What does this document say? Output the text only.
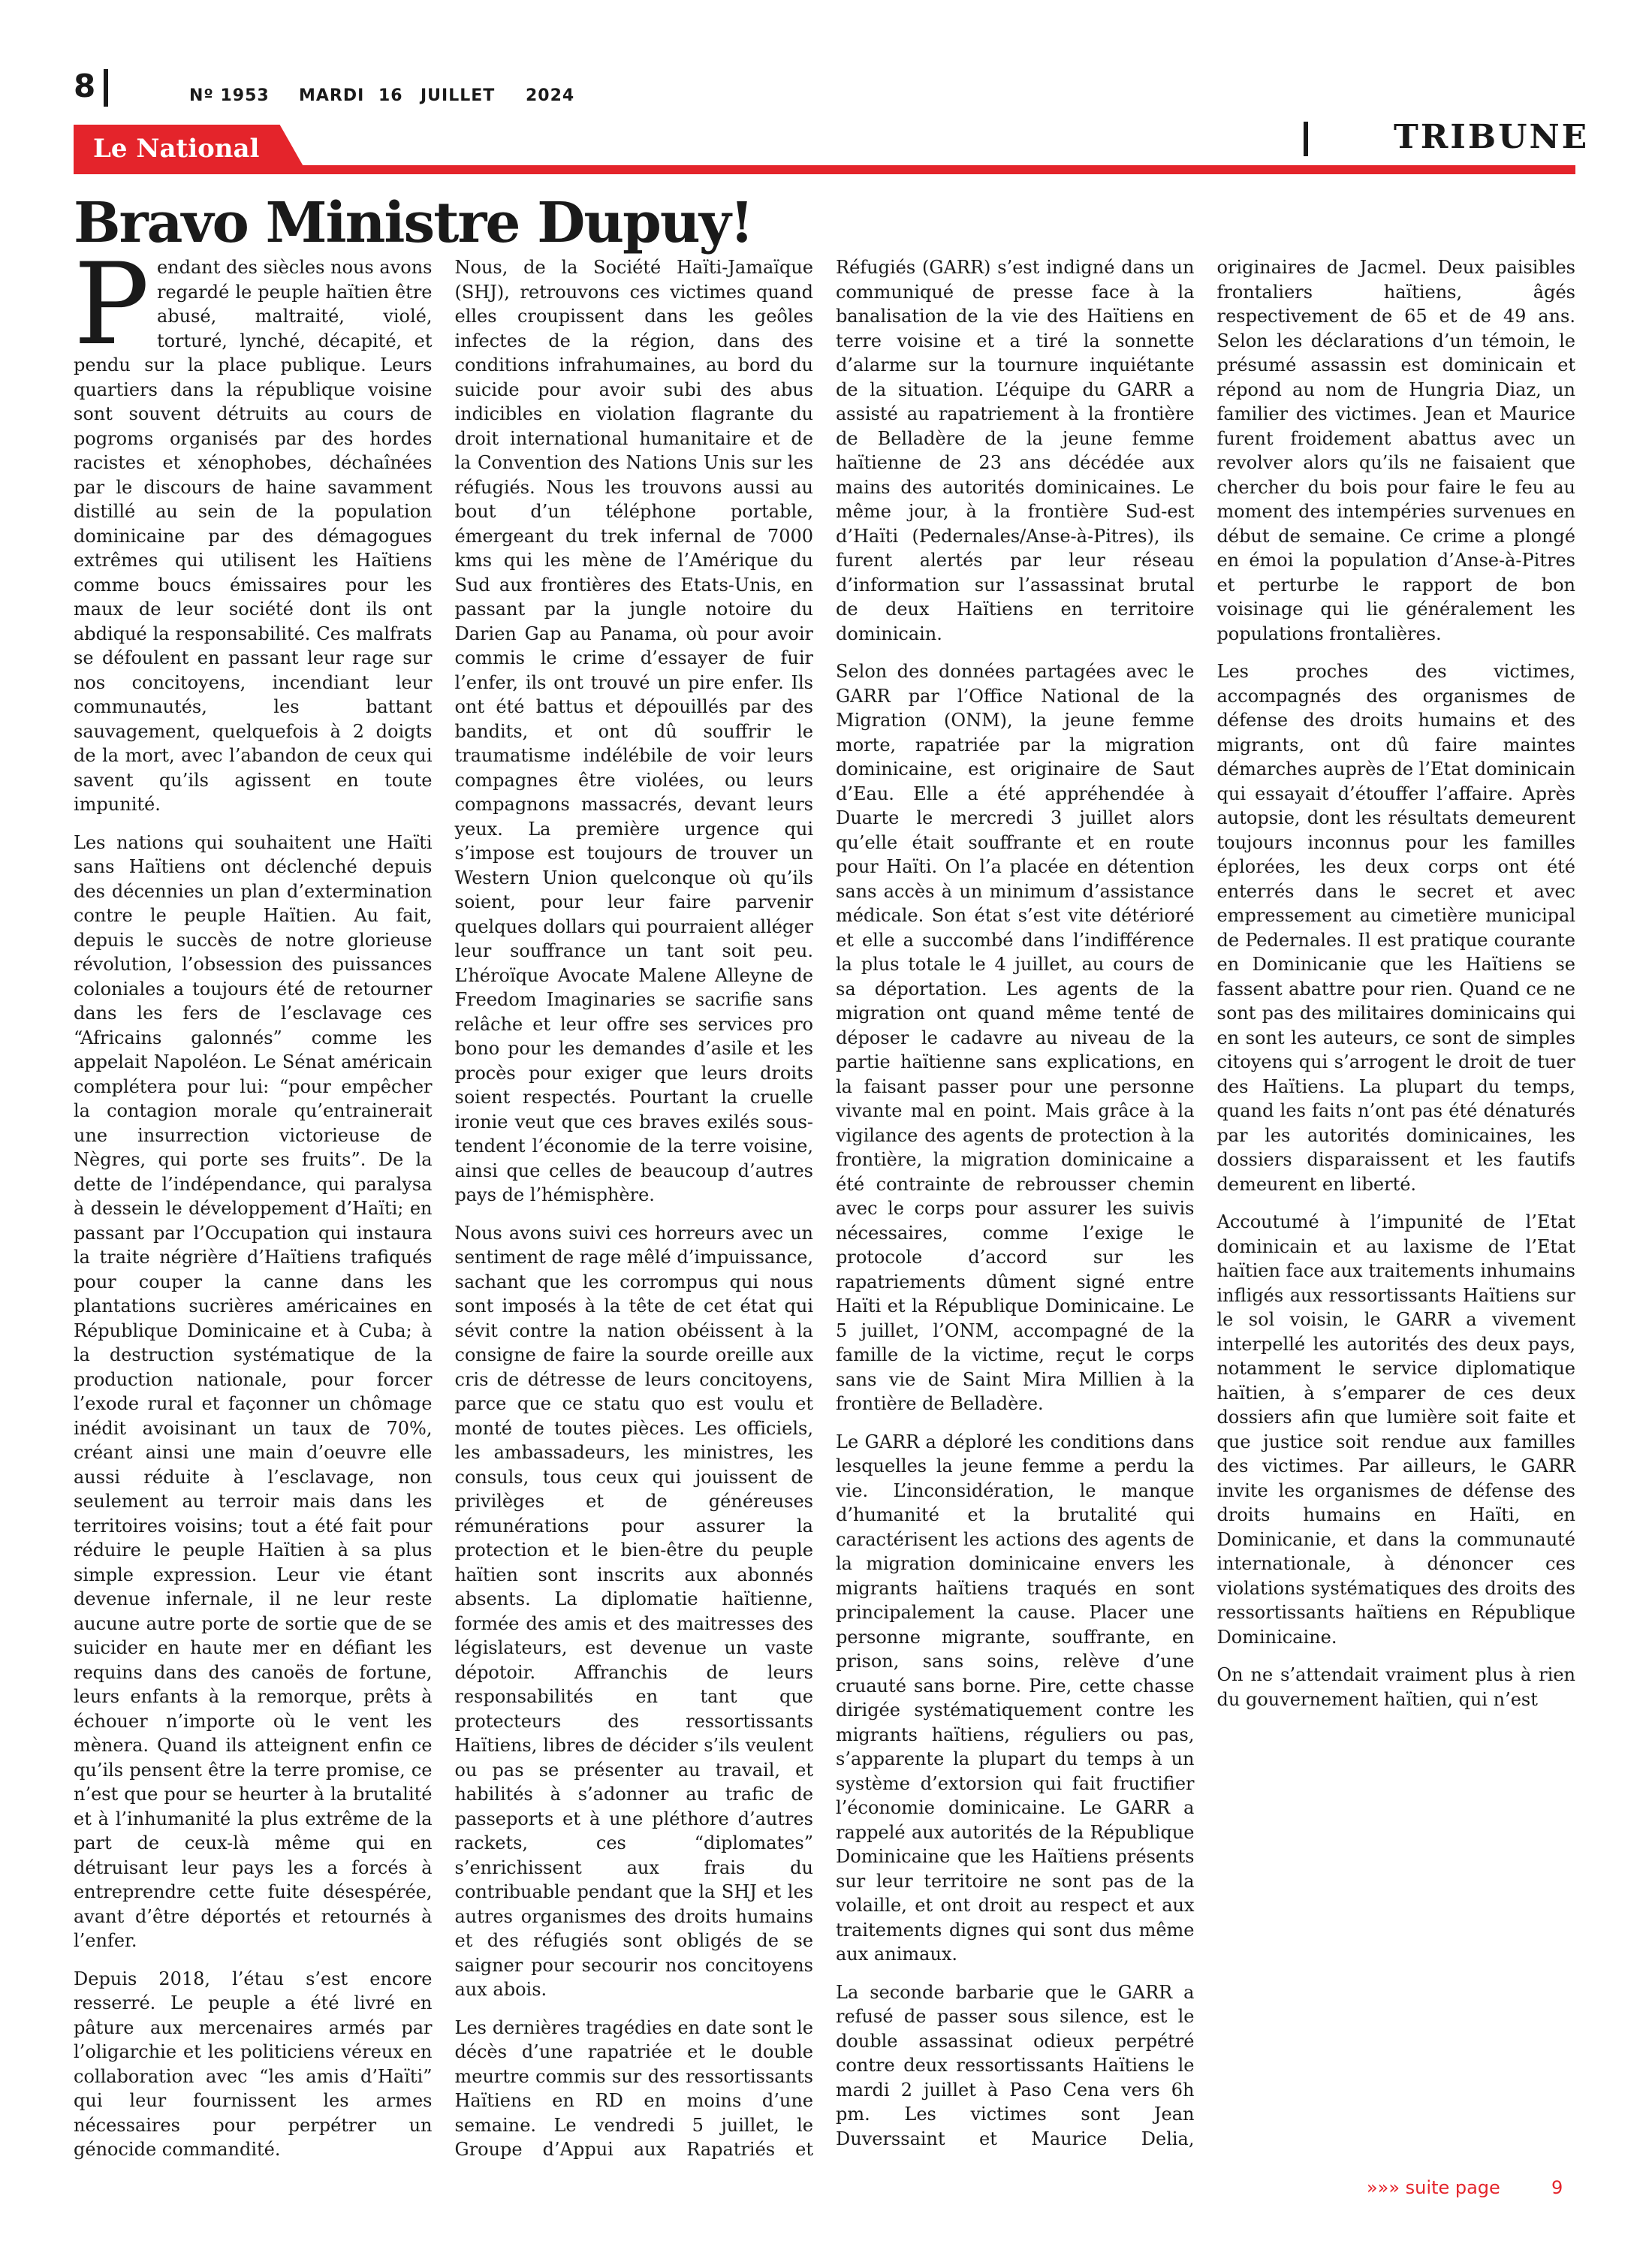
8	Nº 1953 MARDI 16 JUILLET 2024
Le National	TRIBUNE
Bravo Ministre Dupuy!

Pendant des siècles nous avons regardé le peuple haïtien être abusé, maltraité, violé, torturé, lynché, décapité, et pendu sur la place publique. Leurs quartiers dans la république voisine sont souvent détruits au cours de pogroms organisés par des hordes racistes et xénophobes, déchaînées par le discours de haine savamment distillé au sein de la population dominicaine par des démagogues extrêmes qui utilisent les Haïtiens comme boucs émissaires pour les maux de leur société dont ils ont abdiqué la responsabilité. Ces malfrats se défoulent en passant leur rage sur nos concitoyens, incendiant leur communautés, les battant sauvagement, quelquefois à 2 doigts de la mort, avec l’abandon de ceux qui savent qu’ils agissent en toute impunité.

Les nations qui souhaitent une Haïti sans Haïtiens ont déclenché depuis des décennies un plan d’extermination contre le peuple Haïtien. Au fait, depuis le succès de notre glorieuse révolution, l’obsession des puissances coloniales a toujours été de retourner dans les fers de l’esclavage ces “Africains galonnés” comme les appelait Napoléon. Le Sénat américain complétera pour lui: “pour empêcher la contagion morale qu’entrainerait une insurrection victorieuse de Nègres, qui porte ses fruits”. De la dette de l’indépendance, qui paralysa à dessein le développement d’Haïti; en passant par l’Occupation qui instaura la traite négrière d’Haïtiens trafiqués pour couper la canne dans les plantations sucrières américaines en République Dominicaine et à Cuba; à la destruction systématique de la production nationale, pour forcer l’exode rural et façonner un chômage inédit avoisinant un taux de 70%, créant ainsi une main d’oeuvre elle aussi réduite à l’esclavage, non seulement au terroir mais dans les territoires voisins; tout a été fait pour réduire le peuple Haïtien à sa plus simple expression. Leur vie étant devenue infernale, il ne leur reste aucune autre porte de sortie que de se suicider en haute mer en défiant les requins dans des canoës de fortune, leurs enfants à la remorque, prêts à échouer n’importe où le vent les mènera. Quand ils atteignent enfin ce qu’ils pensent être la terre promise, ce n’est que pour se heurter à la brutalité et à l’inhumanité la plus extrême de la part de ceux-là même qui en détruisant leur pays les a forcés à entreprendre cette fuite désespérée, avant d’être déportés et retournés à l’enfer.

Depuis 2018, l’étau s’est encore resserré. Le peuple a été livré en pâture aux mercenaires armés par l’oligarchie et les politiciens véreux en collaboration avec “les amis d’Haïti” qui leur fournissent les armes nécessaires pour perpétrer un génocide commandité.

Nous, de la Société Haïti-Jamaïque (SHJ), retrouvons ces victimes quand elles croupissent dans les geôles infectes de la région, dans des conditions infrahumaines, au bord du suicide pour avoir subi des abus indicibles en violation flagrante du droit international humanitaire et de la Convention des Nations Unis sur les réfugiés. Nous les trouvons aussi au bout d’un téléphone portable, émergeant du trek infernal de 7000 kms qui les mène de l’Amérique du Sud aux frontières des Etats-Unis, en passant par la jungle notoire du Darien Gap au Panama, où pour avoir commis le crime d’essayer de fuir l’enfer, ils ont trouvé un pire enfer. Ils ont été battus et dépouillés par des bandits, et ont dû souffrir le traumatisme indélébile de voir leurs compagnes être violées, ou leurs compagnons massacrés, devant leurs yeux. La première urgence qui s’impose est toujours de trouver un Western Union quelconque où qu’ils soient, pour leur faire parvenir quelques dollars qui pourraient alléger leur souffrance un tant soit peu. L’héroïque Avocate Malene Alleyne de Freedom Imaginaries se sacrifie sans relâche et leur offre ses services pro bono pour les demandes d’asile et les procès pour exiger que leurs droits soient respectés. Pourtant la cruelle ironie veut que ces braves exilés sous-tendent l’économie de la terre voisine, ainsi que celles de beaucoup d’autres pays de l’hémisphère.

Nous avons suivi ces horreurs avec un sentiment de rage mêlé d’impuissance, sachant que les corrompus qui nous sont imposés à la tête de cet état qui sévit contre la nation obéissent à la consigne de faire la sourde oreille aux cris de détresse de leurs concitoyens, parce que ce statu quo est voulu et monté de toutes pièces. Les officiels, les ambassadeurs, les ministres, les consuls, tous ceux qui jouissent de privilèges et de généreuses rémunérations pour assurer la protection et le bien-être du peuple haïtien sont inscrits aux abonnés absents. La diplomatie haïtienne, formée des amis et des maitresses des législateurs, est devenue un vaste dépotoir. Affranchis de leurs responsabilités en tant que protecteurs des ressortissants Haïtiens, libres de décider s’ils veulent ou pas se présenter au travail, et habilités à s’adonner au trafic de passeports et à une pléthore d’autres rackets, ces “diplomates” s’enrichissent aux frais du contribuable pendant que la SHJ et les autres organismes des droits humains et des réfugiés sont obligés de se saigner pour secourir nos concitoyens aux abois.

Les dernières tragédies en date sont le décès d’une rapatriée et le double meurtre commis sur des ressortissants Haïtiens en RD en moins d’une semaine. Le vendredi 5 juillet, le Groupe d’Appui aux Rapatriés et Réfugiés (GARR) s’est indigné dans un communiqué de presse face à la banalisation de la vie des Haïtiens en terre voisine et a tiré la sonnette d’alarme sur la tournure inquiétante de la situation. L’équipe du GARR a assisté au rapatriement à la frontière de Belladère de la jeune femme haïtienne de 23 ans décédée aux mains des autorités dominicaines. Le même jour, à la frontière Sud-est d’Haïti (Pedernales/Anse-à-Pitres), ils furent alertés par leur réseau d’information sur l’assassinat brutal de deux Haïtiens en territoire dominicain.

Selon des données partagées avec le GARR par l’Office National de la Migration (ONM), la jeune femme morte, rapatriée par la migration dominicaine, est originaire de Saut d’Eau. Elle a été appréhendée à Duarte le mercredi 3 juillet alors qu’elle était souffrante et en route pour Haïti. On l’a placée en détention sans accès à un minimum d’assistance médicale. Son état s’est vite détérioré et elle a succombé dans l’indifférence la plus totale le 4 juillet, au cours de sa déportation. Les agents de la migration ont quand même tenté de déposer le cadavre au niveau de la partie haïtienne sans explications, en la faisant passer pour une personne vivante mal en point. Mais grâce à la vigilance des agents de protection à la frontière, la migration dominicaine a été contrainte de rebrousser chemin avec le corps pour assurer les suivis nécessaires, comme l’exige le protocole d’accord sur les rapatriements dûment signé entre Haïti et la République Dominicaine. Le 5 juillet, l’ONM, accompagné de la famille de la victime, reçut le corps sans vie de Saint Mira Millien à la frontière de Belladère.

Le GARR a déploré les conditions dans lesquelles la jeune femme a perdu la vie. L’inconsidération, le manque d’humanité et la brutalité qui caractérisent les actions des agents de la migration dominicaine envers les migrants haïtiens traqués en sont principalement la cause. Placer une personne migrante, souffrante, en prison, sans soins, relève d’une cruauté sans borne. Pire, cette chasse dirigée systématiquement contre les migrants haïtiens, réguliers ou pas, s’apparente la plupart du temps à un système d’extorsion qui fait fructifier l’économie dominicaine. Le GARR a rappelé aux autorités de la République Dominicaine que les Haïtiens présents sur leur territoire ne sont pas de la volaille, et ont droit au respect et aux traitements dignes qui sont dus même aux animaux.

La seconde barbarie que le GARR a refusé de passer sous silence, est le double assassinat odieux perpétré contre deux ressortissants Haïtiens le mardi 2 juillet à Paso Cena vers 6h pm. Les victimes sont Jean Duverssaint et Maurice Delia, originaires de Jacmel. Deux paisibles frontaliers haïtiens, âgés respectivement de 65 et de 49 ans. Selon les déclarations d’un témoin, le présumé assassin est dominicain et répond au nom de Hungria Diaz, un familier des victimes. Jean et Maurice furent froidement abattus avec un revolver alors qu’ils ne faisaient que chercher du bois pour faire le feu au moment des intempéries survenues en début de semaine. Ce crime a plongé en émoi la population d’Anse-à-Pitres et perturbe le rapport de bon voisinage qui lie généralement les populations frontalières.

Les proches des victimes, accompagnés des organismes de défense des droits humains et des migrants, ont dû faire maintes démarches auprès de l’Etat dominicain qui essayait d’étouffer l’affaire. Après autopsie, dont les résultats demeurent toujours inconnus pour les familles éplorées, les deux corps ont été enterrés dans le secret et avec empressement au cimetière municipal de Pedernales. Il est pratique courante en Dominicanie que les Haïtiens se fassent abattre pour rien. Quand ce ne sont pas des militaires dominicains qui en sont les auteurs, ce sont de simples citoyens qui s’arrogent le droit de tuer des Haïtiens. La plupart du temps, quand les faits n’ont pas été dénaturés par les autorités dominicaines, les dossiers disparaissent et les fautifs demeurent en liberté.

Accoutumé à l’impunité de l’Etat dominicain et au laxisme de l’Etat haïtien face aux traitements inhumains infligés aux ressortissants Haïtiens sur le sol voisin, le GARR a vivement interpellé les autorités des deux pays, notamment le service diplomatique haïtien, à s’emparer de ces deux dossiers afin que lumière soit faite et que justice soit rendue aux familles des victimes. Par ailleurs, le GARR invite les organismes de défense des droits humains en Haïti, en Dominicanie, et dans la communauté internationale, à dénoncer ces violations systématiques des droits des ressortissants haïtiens en République Dominicaine.

On ne s’attendait vraiment plus à rien du gouvernement haïtien, qui n’est

»»» suite page	9
